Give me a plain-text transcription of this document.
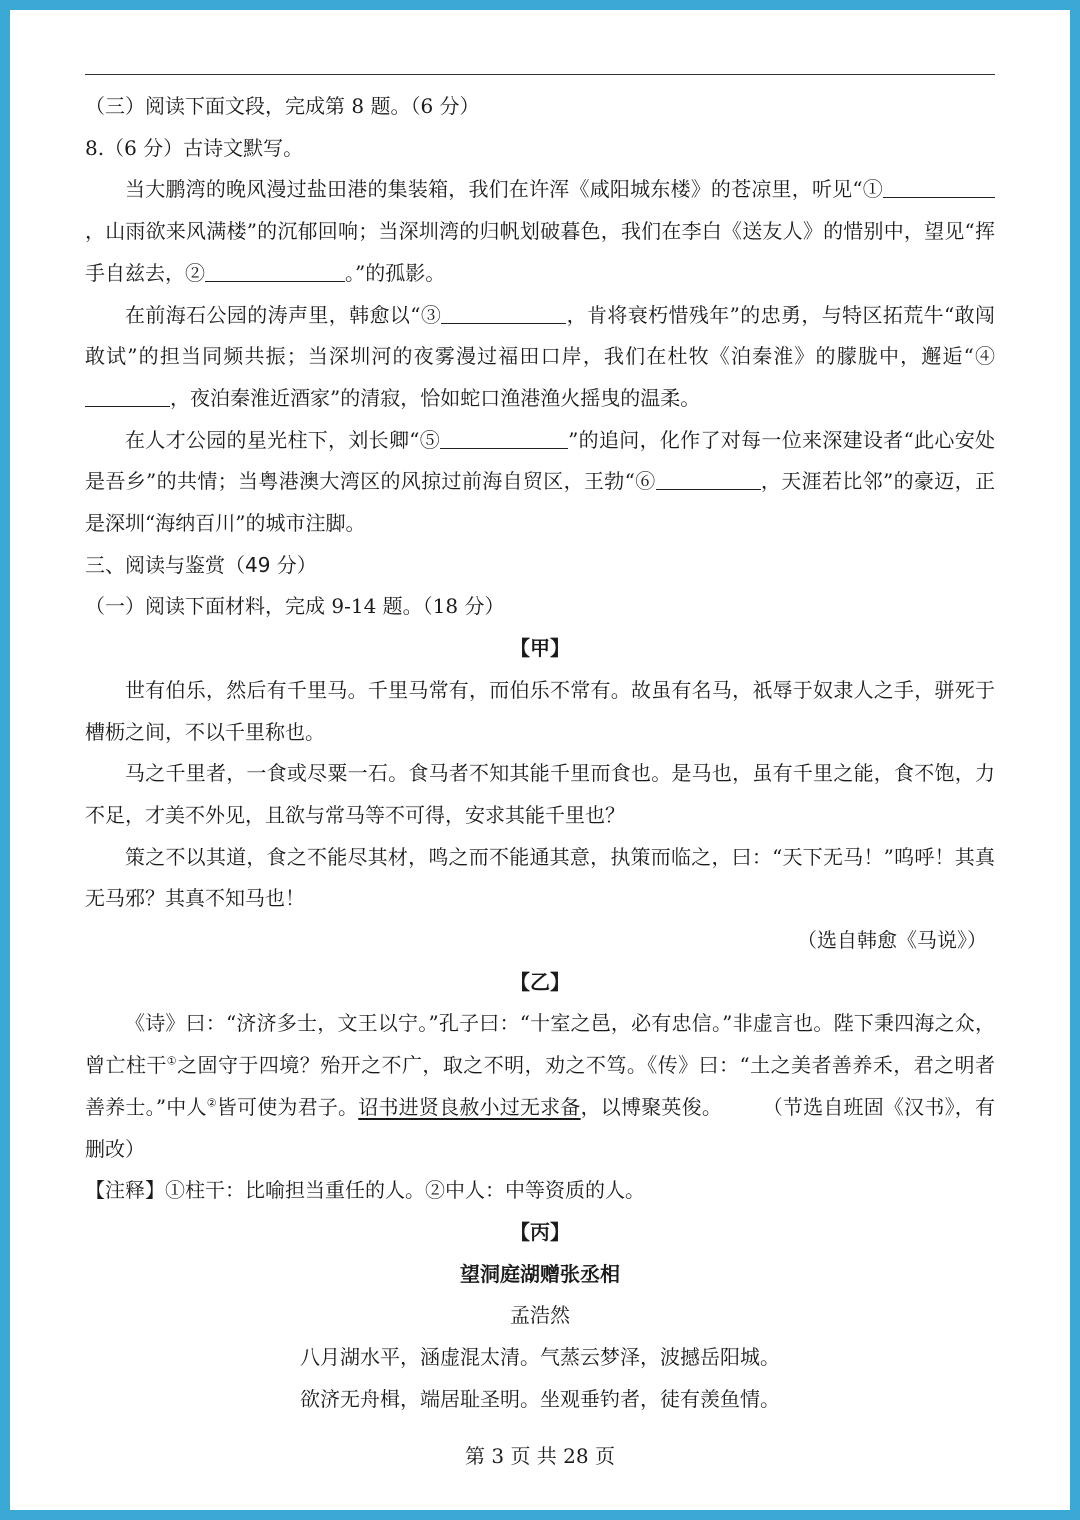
（三）阅读下面文段，完成第 8 题。（6 分）

8.（6 分）古诗文默写。

当大鹏湾的晚风漫过盐田港的集装箱，我们在许浑《咸阳城东楼》的苍凉里，听见“①，山雨欲来风满楼”的沉郁回响；当深圳湾的归帆划破暮色，我们在李白《送友人》的惜别中，望见“挥手自兹去，②	。”的孤影。

在前海石公园的涛声里，韩愈以“③	，肯将衰朽惜残年”的忠勇，与特区拓荒牛“敢闯敢试”的担当同频共振；当深圳河的夜雾漫过福田口岸，我们在杜牧《泊秦淮》的朦胧中，邂逅“④，夜泊秦淮近酒家”的清寂，恰如蛇口渔港渔火摇曳的温柔。

在人才公园的星光柱下，刘长卿“⑤	”的追问，化作了对每一位来深建设者“此心安处是吾乡”的共情；当粤港澳大湾区的风掠过前海自贸区，王勃“⑥	，天涯若比邻”的豪迈，正是深圳“海纳百川”的城市注脚。

三、阅读与鉴赏（49 分）

（一）阅读下面材料，完成 9-14 题。（18 分）

【甲】

世有伯乐，然后有千里马。千里马常有，而伯乐不常有。故虽有名马，祇辱于奴隶人之手，骈死于槽枥之间，不以千里称也。

马之千里者，一食或尽粟一石。食马者不知其能千里而食也。是马也，虽有千里之能，食不饱，力不足，才美不外见，且欲与常马等不可得，安求其能千里也？

策之不以其道，食之不能尽其材，鸣之而不能通其意，执策而临之，曰：“天下无马！”呜呼！其真无马邪？其真不知马也！

（选自韩愈《马说》）

【乙】

《诗》曰：“济济多士，文王以宁。”孔子曰：“十室之邑，必有忠信。”非虚言也。陛下秉四海之众，曾亡柱干①之固守于四境？殆开之不广，取之不明，劝之不笃。《传》曰：“土之美者善养禾，君之明者善养士。”中人②皆可使为君子。诏书进贤良赦小过无求备，以博聚英俊。　　　（节选自班固《汉书》，有删改）

【注释】①柱干：比喻担当重任的人。②中人：中等资质的人。

【丙】

望洞庭湖赠张丞相

孟浩然

八月湖水平，涵虚混太清。气蒸云梦泽，波撼岳阳城。

欲济无舟楫，端居耻圣明。坐观垂钓者，徒有羡鱼情。

第 3 页 共 28 页
